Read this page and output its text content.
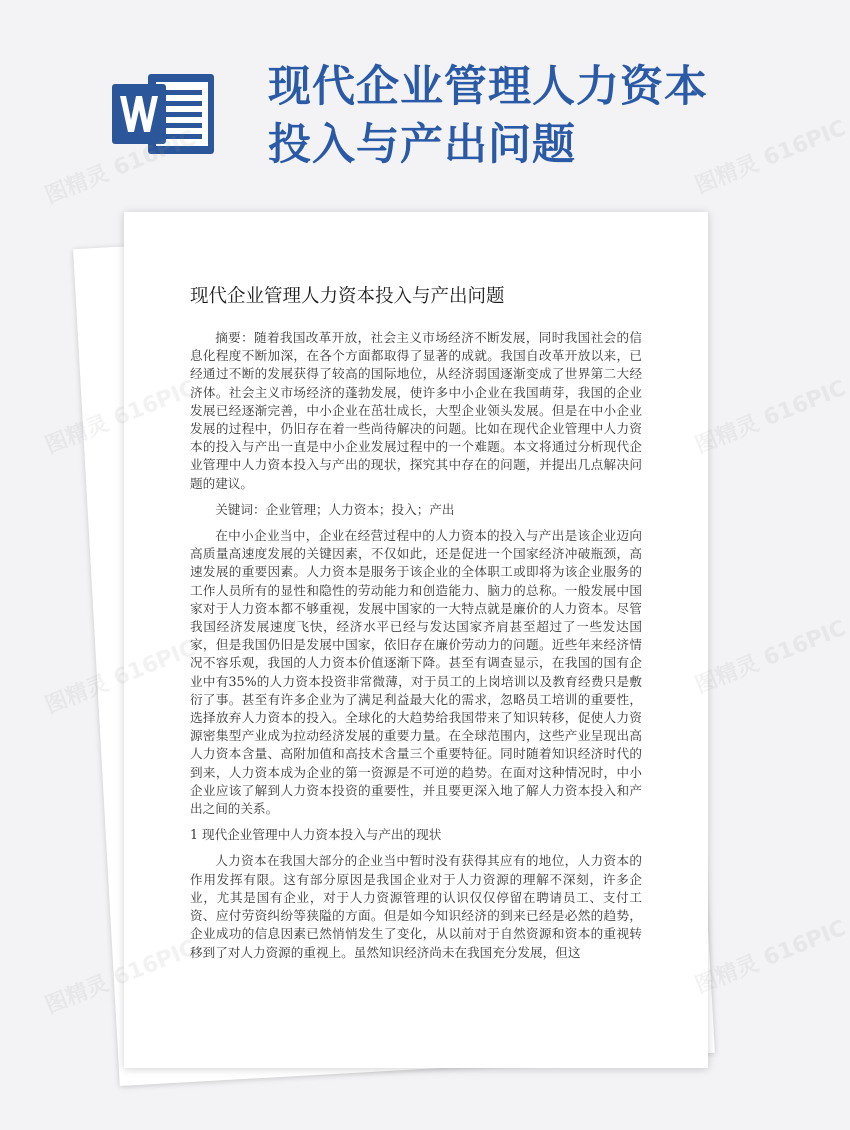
现代企业管理人力资本
投入与产出问题
现代企业管理人力资本投入与产出问题

摘要：随着我国改革开放，社会主义市场经济不断发展，同时我国社会的信息化程度不断加深，在各个方面都取得了显著的成就。我国自改革开放以来，已经通过不断的发展获得了较高的国际地位，从经济弱国逐渐变成了世界第二大经济体。社会主义市场经济的蓬勃发展，使许多中小企业在我国萌芽，我国的企业发展已经逐渐完善，中小企业在茁壮成长，大型企业领头发展。但是在中小企业发展的过程中，仍旧存在着一些尚待解决的问题。比如在现代企业管理中人力资本的投入与产出一直是中小企业发展过程中的一个难题。本文将通过分析现代企业管理中人力资本投入与产出的现状，探究其中存在的问题，并提出几点解决问题的建议。

关键词：企业管理；人力资本；投入；产出

在中小企业当中，企业在经营过程中的人力资本的投入与产出是该企业迈向高质量高速度发展的关键因素，不仅如此，还是促进一个国家经济冲破瓶颈，高速发展的重要因素。人力资本是服务于该企业的全体职工或即将为该企业服务的工作人员所有的显性和隐性的劳动能力和创造能力、脑力的总称。一般发展中国家对于人力资本都不够重视，发展中国家的一大特点就是廉价的人力资本。尽管我国经济发展速度飞快，经济水平已经与发达国家齐肩甚至超过了一些发达国家，但是我国仍旧是发展中国家，依旧存在廉价劳动力的问题。近些年来经济情况不容乐观，我国的人力资本价值逐渐下降。甚至有调查显示，在我国的国有企业中有35%的人力资本投资非常微薄，对于员工的上岗培训以及教育经费只是敷衍了事。甚至有许多企业为了满足利益最大化的需求，忽略员工培训的重要性，选择放弃人力资本的投入。全球化的大趋势给我国带来了知识转移，促使人力资源密集型产业成为拉动经济发展的重要力量。在全球范围内，这些产业呈现出高人力资本含量、高附加值和高技术含量三个重要特征。同时随着知识经济时代的到来，人力资本成为企业的第一资源是不可逆的趋势。在面对这种情况时，中小企业应该了解到人力资本投资的重要性，并且要更深入地了解人力资本投入和产出之间的关系。

1 现代企业管理中人力资本投入与产出的现状

人力资本在我国大部分的企业当中暂时没有获得其应有的地位，人力资本的作用发挥有限。这有部分原因是我国企业对于人力资源的理解不深刻，许多企业，尤其是国有企业，对于人力资源管理的认识仅仅停留在聘请员工、支付工资、应付劳资纠纷等狭隘的方面。但是如今知识经济的到来已经是必然的趋势，企业成功的信息因素已然悄悄发生了变化，从以前对于自然资源和资本的重视转移到了对人力资源的重视上。虽然知识经济尚未在我国充分发展，但这

图精灵 616PIC	图精灵 616PIC
图精灵	图精灵 616PIC
图精灵	图精灵 616PIC
图精灵	图精灵 616PIC
